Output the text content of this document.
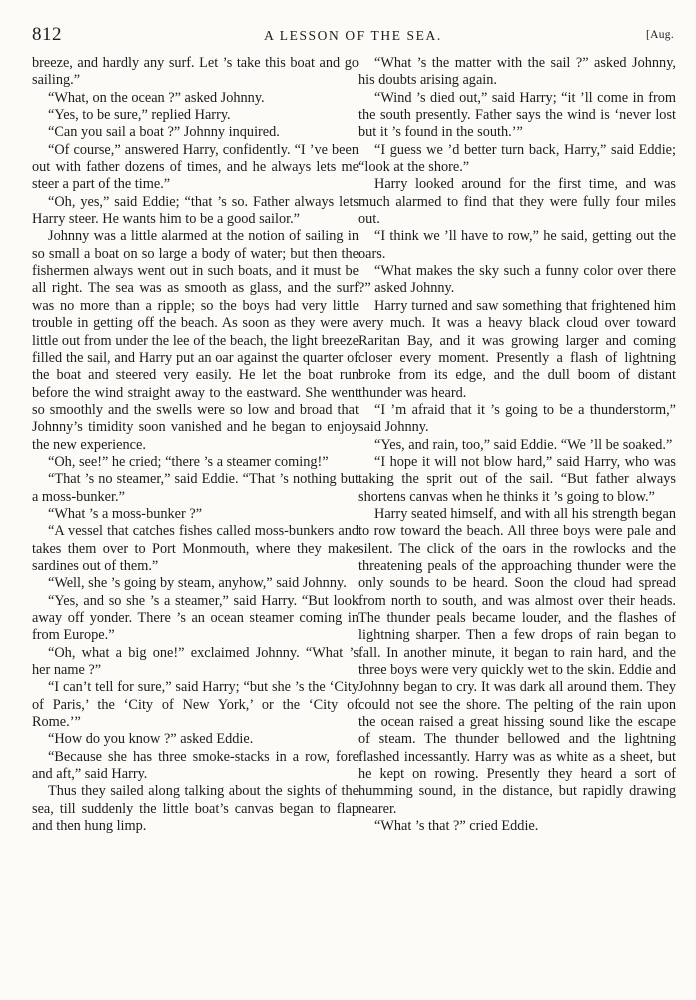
812	A LESSON OF THE SEA.	[Aug.

breeze, and hardly any surf. Let ’s take this boat and go sailing.”

“What, on the ocean ?” asked Johnny.

“Yes, to be sure,” replied Harry.

“Can you sail a boat ?” Johnny inquired.

“Of course,” answered Harry, confidently. “I ’ve been out with father dozens of times, and he always lets me steer a part of the time.”

“Oh, yes,” said Eddie; “that ’s so. Father always lets Harry steer. He wants him to be a good sailor.”

Johnny was a little alarmed at the notion of sailing in so small a boat on so large a body of water; but then the fishermen always went out in such boats, and it must be all right. The sea was as smooth as glass, and the surf was no more than a ripple; so the boys had very little trouble in getting off the beach. As soon as they were a little out from under the lee of the beach, the light breeze filled the sail, and Harry put an oar against the quarter of the boat and steered very easily. He let the boat run before the wind straight away to the eastward. She went so smoothly and the swells were so low and broad that Johnny’s timidity soon vanished and he began to enjoy the new experience.

“Oh, see!” he cried; “there ’s a steamer coming!”

“That ’s no steamer,” said Eddie. “That ’s nothing but a moss-bunker.”

“What ’s a moss-bunker ?”

“A vessel that catches fishes called moss-bunkers and takes them over to Port Monmouth, where they make sardines out of them.”

“Well, she ’s going by steam, anyhow,” said Johnny.

“Yes, and so she ’s a steamer,” said Harry. “But look away off yonder. There ’s an ocean steamer coming in from Europe.”

“Oh, what a big one!” exclaimed Johnny. “What ’s her name ?”

“I can’t tell for sure,” said Harry; “but she ’s the ‘City of Paris,’ the ‘City of New York,’ or the ‘City of Rome.’”

“How do you know ?” asked Eddie.

“Because she has three smoke-stacks in a row, fore and aft,” said Harry.

Thus they sailed along talking about the sights of the sea, till suddenly the little boat’s canvas began to flap and then hung limp.

“What ’s the matter with the sail ?” asked Johnny, his doubts arising again.

“Wind ’s died out,” said Harry; “it ’ll come in from the south presently. Father says the wind is ‘never lost but it ’s found in the south.’”

“I guess we ’d better turn back, Harry,” said Eddie; “look at the shore.”

Harry looked around for the first time, and was much alarmed to find that they were fully four miles out.

“I think we ’ll have to row,” he said, getting out the oars.

“What makes the sky such a funny color over there ?” asked Johnny.

Harry turned and saw something that frightened him very much. It was a heavy black cloud over toward Raritan Bay, and it was growing larger and coming closer every moment. Presently a flash of lightning broke from its edge, and the dull boom of distant thunder was heard.

“I ’m afraid that it ’s going to be a thunderstorm,” said Johnny.

“Yes, and rain, too,” said Eddie. “We ’ll be soaked.”

“I hope it will not blow hard,” said Harry, who was taking the sprit out of the sail. “But father always shortens canvas when he thinks it ’s going to blow.”

Harry seated himself, and with all his strength began to row toward the beach. All three boys were pale and silent. The click of the oars in the rowlocks and the threatening peals of the approaching thunder were the only sounds to be heard. Soon the cloud had spread from north to south, and was almost over their heads. The thunder peals became louder, and the flashes of lightning sharper. Then a few drops of rain began to fall. In another minute, it began to rain hard, and the three boys were very quickly wet to the skin. Eddie and Johnny began to cry. It was dark all around them. They could not see the shore. The pelting of the rain upon the ocean raised a great hissing sound like the escape of steam. The thunder bellowed and the lightning flashed incessantly. Harry was as white as a sheet, but he kept on rowing. Presently they heard a sort of humming sound, in the distance, but rapidly drawing nearer.

“What ’s that ?” cried Eddie.
